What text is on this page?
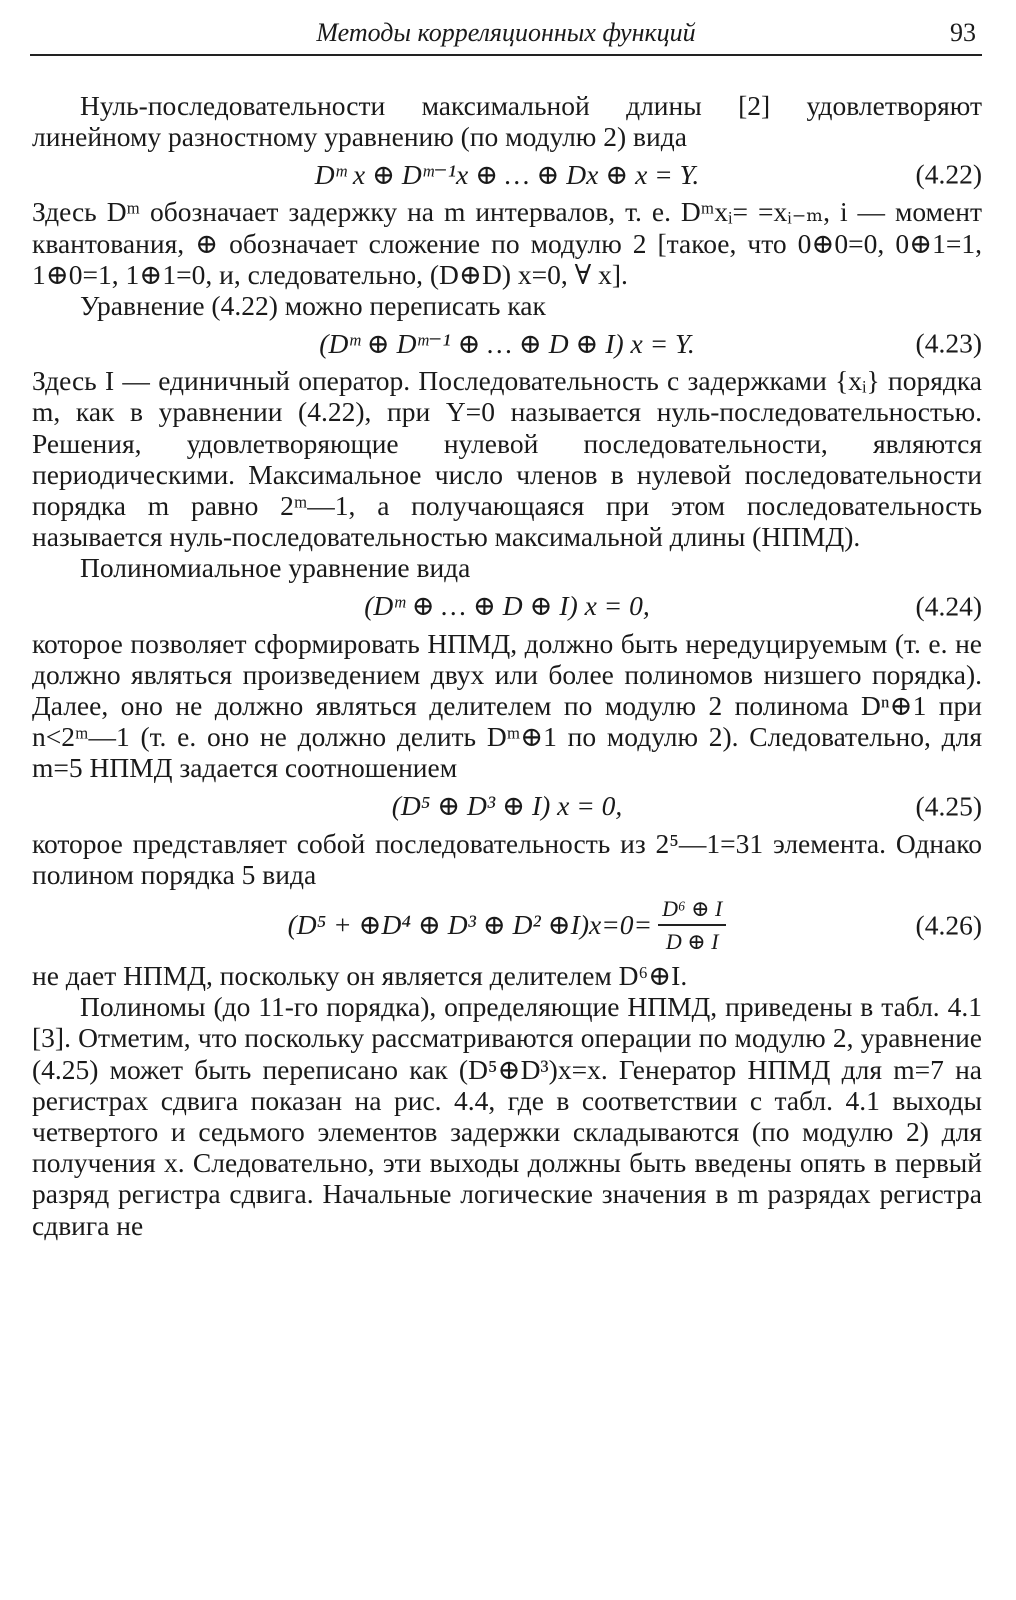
Методы корреляционных функций	93

Нуль-последовательности максимальной длины [2] удовлетворяют линейному разностному уравнению (по модулю 2) вида

Dᵐ x ⊕ Dᵐ⁻¹x ⊕ … ⊕ Dx ⊕ x = Y.	(4.22)

Здесь Dᵐ обозначает задержку на m интервалов, т. е. Dᵐxᵢ= =xᵢ₋ₘ, i — момент квантования, ⊕ обозначает сложение по модулю 2 [такое, что 0⊕0=0, 0⊕1=1, 1⊕0=1, 1⊕1=0, и, следовательно, (D⊕D) x=0, ∀ x].

Уравнение (4.22) можно переписать как

(Dᵐ ⊕ Dᵐ⁻¹ ⊕ … ⊕ D ⊕ I) x = Y.	(4.23)

Здесь I — единичный оператор. Последовательность с задержками {xᵢ} порядка m, как в уравнении (4.22), при Y=0 называется нуль-последовательностью. Решения, удовлетворяющие нулевой последовательности, являются периодическими. Максимальное число членов в нулевой последовательности порядка m равно 2ᵐ—1, а получающаяся при этом последовательность называется нуль-последовательностью максимальной длины (НПМД).

Полиномиальное уравнение вида

(Dᵐ ⊕ … ⊕ D ⊕ I) x = 0,	(4.24)

которое позволяет сформировать НПМД, должно быть нередуцируемым (т. е. не должно являться произведением двух или более полиномов низшего порядка). Далее, оно не должно являться делителем по модулю 2 полинома Dⁿ⊕1 при n<2ᵐ—1 (т. е. оно не должно делить Dᵐ⊕1 по модулю 2). Следовательно, для m=5 НПМД задается соотношением

(D⁵ ⊕ D³ ⊕ I) x = 0,	(4.25)

которое представляет собой последовательность из 2⁵—1=31 элемента. Однако полином порядка 5 вида

(D⁵ + ⊕D⁴ ⊕ D³ ⊕ D² ⊕I)x=0= $\frac{\text{D⁶ ⊕ I}}{D \oplus I}$	(4.26)

не дает НПМД, поскольку он является делителем D⁶⊕I.

Полиномы (до 11-го порядка), определяющие НПМД, приведены в табл. 4.1 [3]. Отметим, что поскольку рассматриваются операции по модулю 2, уравнение (4.25) может быть переписано как (D⁵⊕D³)x=x. Генератор НПМД для m=7 на регистрах сдвига показан на рис. 4.4, где в соответствии с табл. 4.1 выходы четвертого и седьмого элементов задержки складываются (по модулю 2) для получения x. Следовательно, эти выходы должны быть введены опять в первый разряд регистра сдвига. Начальные логические значения в m разрядах регистра сдвига не
